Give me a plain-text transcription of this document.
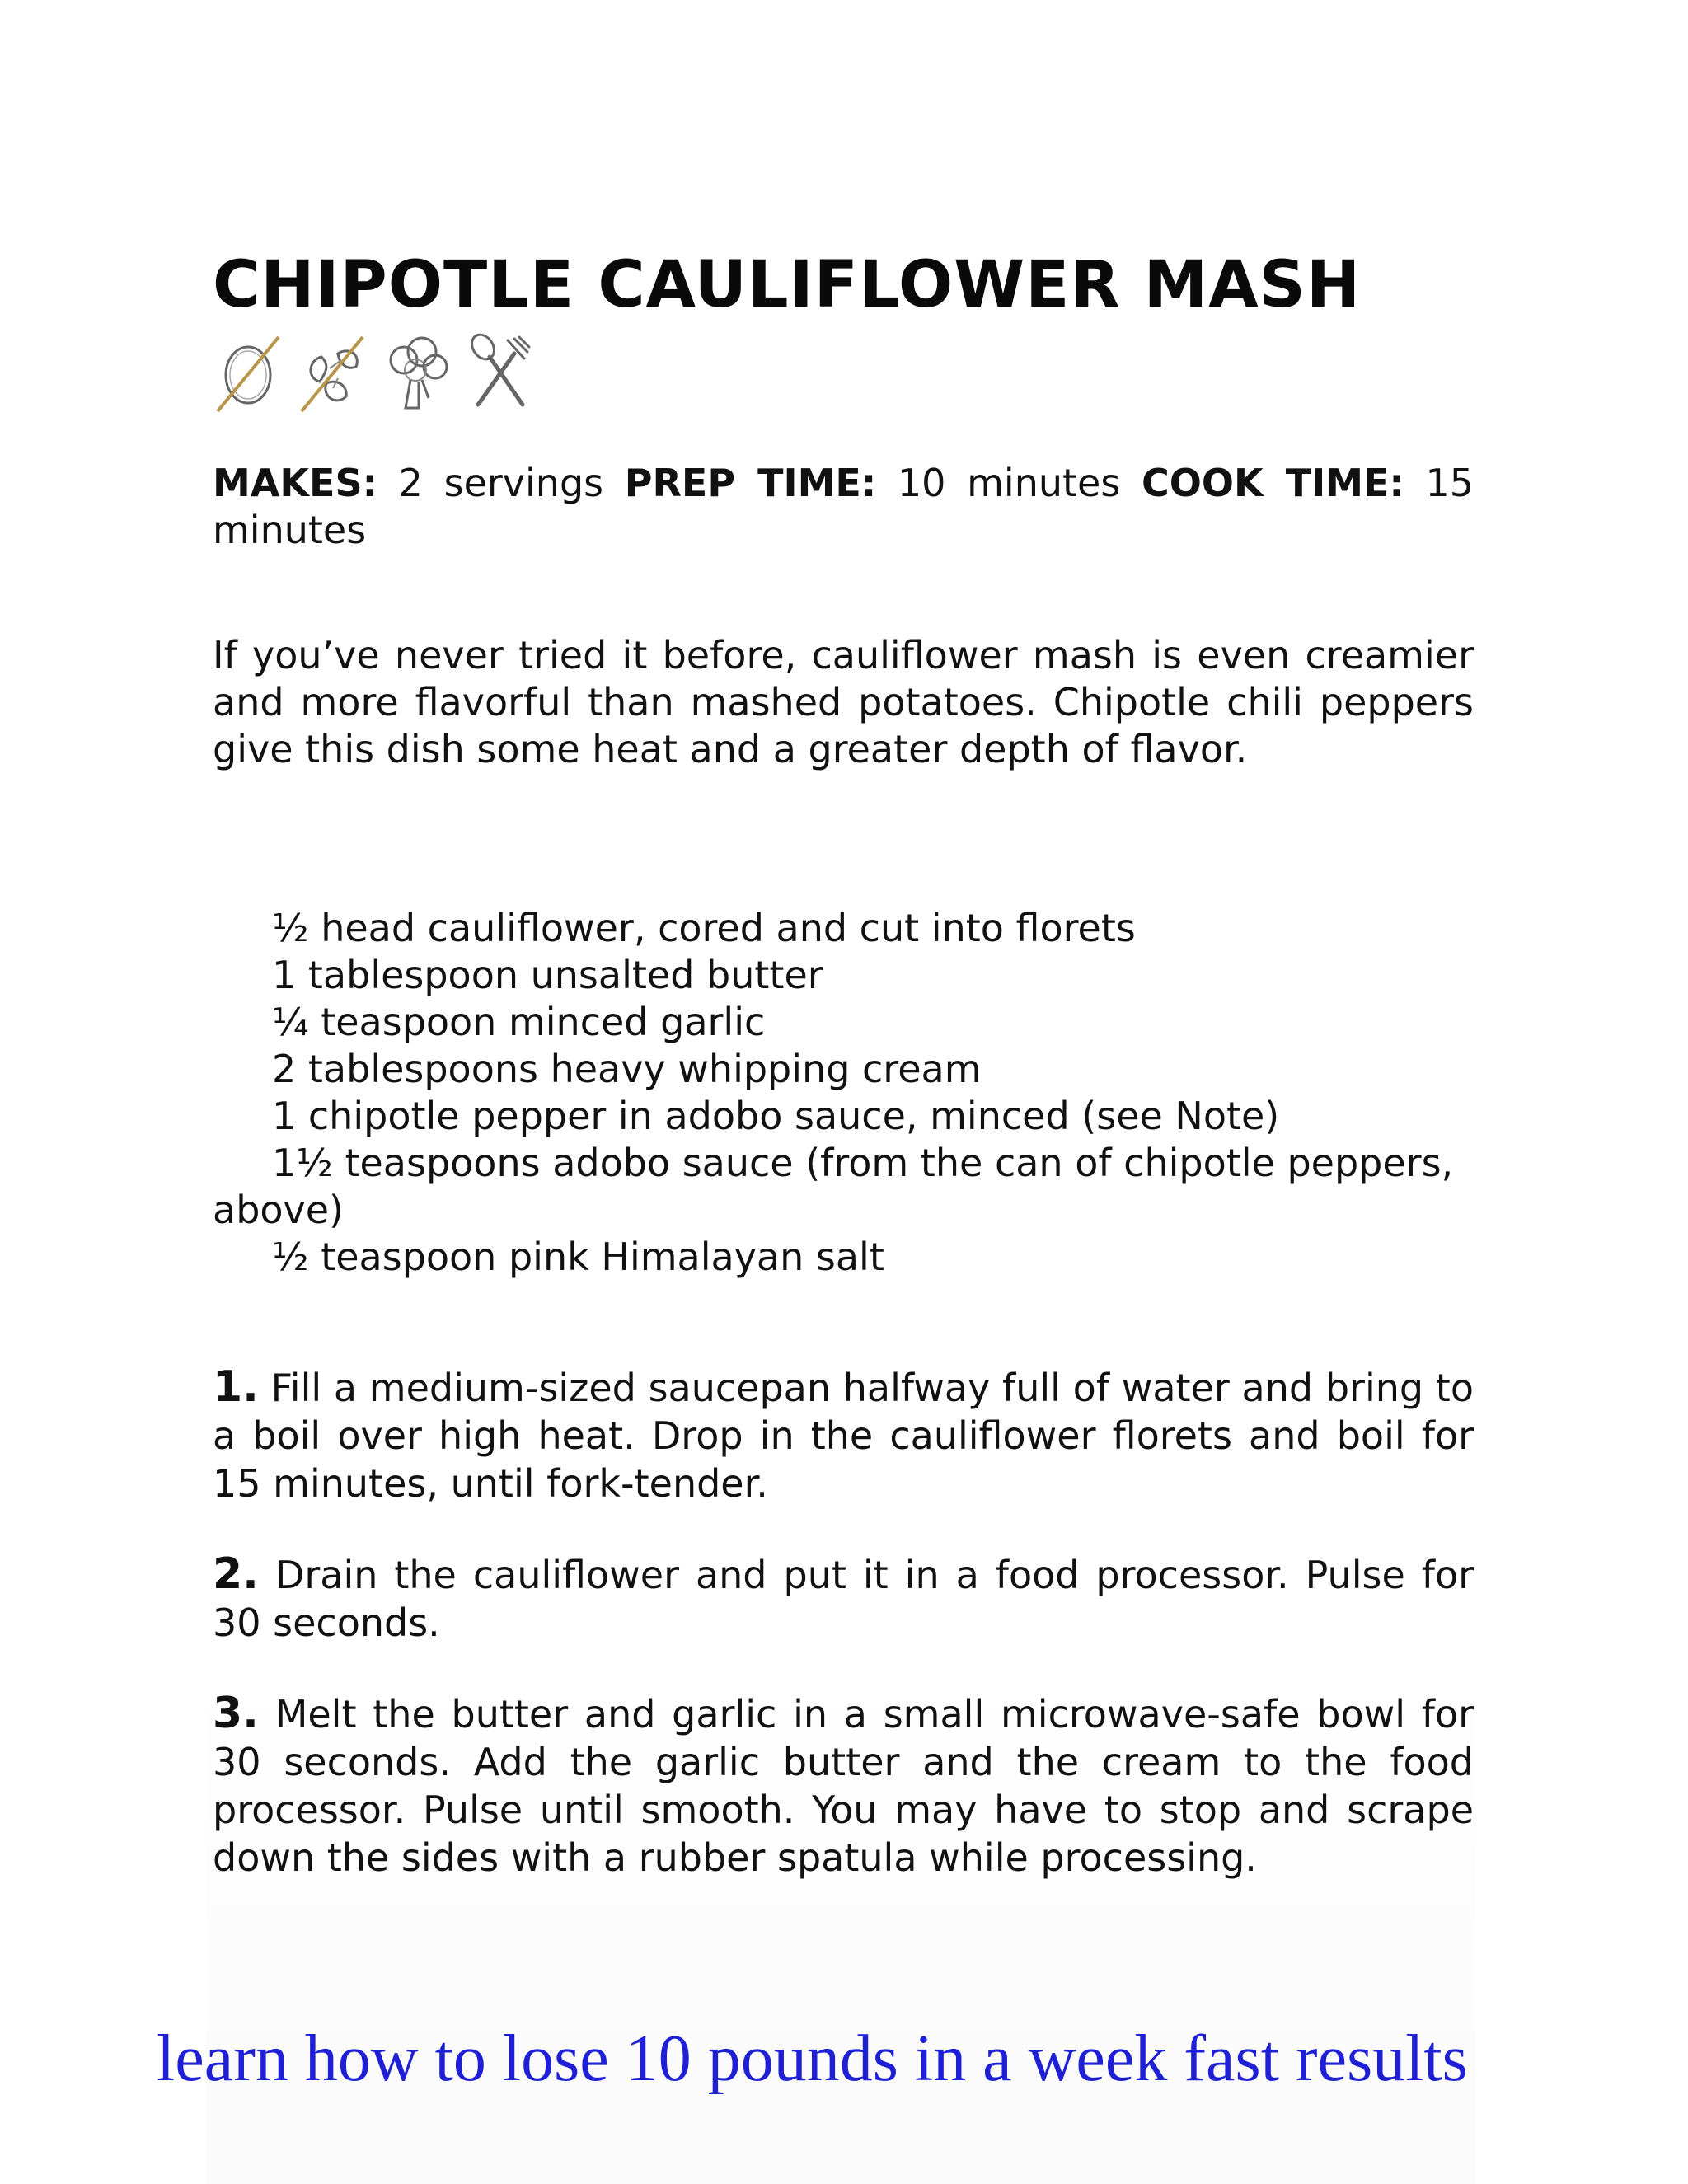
CHIPOTLE CAULIFLOWER MASH
MAKES: 2 servings PREP TIME: 10 minutes COOK TIME: 15 minutes

If you’ve never tried it before, cauliflower mash is even creamier and more flavorful than mashed potatoes. Chipotle chili peppers give this dish some heat and a greater depth of flavor.

½ head cauliflower, cored and cut into florets
1 tablespoon unsalted butter
¼ teaspoon minced garlic
2 tablespoons heavy whipping cream
1 chipotle pepper in adobo sauce, minced (see Note)
1½ teaspoons adobo sauce (from the can of chipotle peppers, above)
½ teaspoon pink Himalayan salt

1. Fill a medium-sized saucepan halfway full of water and bring to a boil over high heat. Drop in the cauliflower florets and boil for 15 minutes, until fork-tender.

2. Drain the cauliflower and put it in a food processor. Pulse for 30 seconds.

3. Melt the butter and garlic in a small microwave-safe bowl for 30 seconds. Add the garlic butter and the cream to the food processor. Pulse until smooth. You may have to stop and scrape down the sides with a rubber spatula while processing.

learn how to lose 10 pounds in a week fast results
